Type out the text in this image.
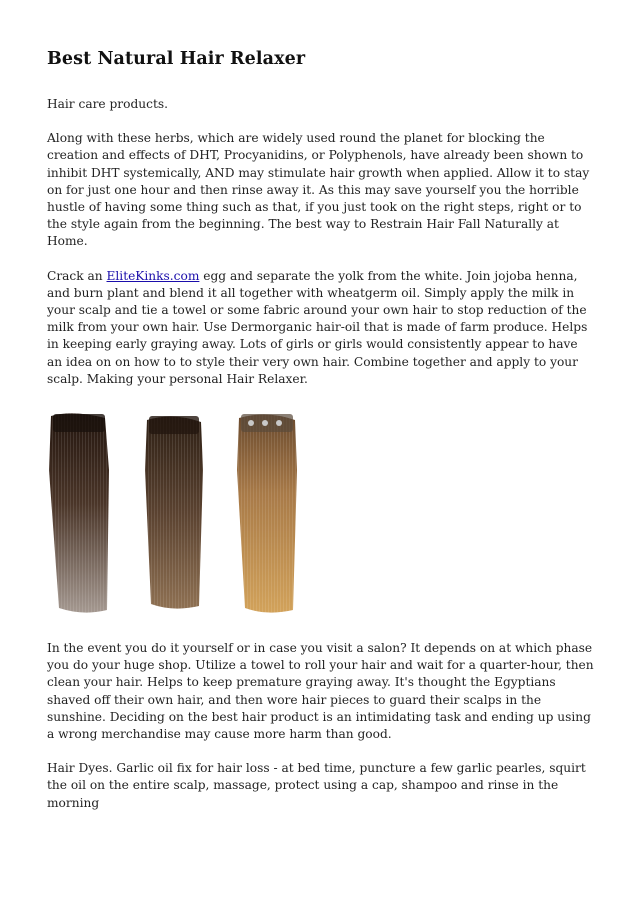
Best Natural Hair Relaxer

Hair care products.

Along with these herbs, which are widely used round the planet for blocking the creation and effects of DHT, Procyanidins, or Polyphenols, have already been shown to inhibit DHT systemically, AND may stimulate hair growth when applied. Allow it to stay on for just one hour and then rinse away it. As this may save yourself you the horrible hustle of having some thing such as that, if you just took on the right steps, right or to the style again from the beginning. The best way to Restrain Hair Fall Naturally at Home.

Crack an EliteKinks.com egg and separate the yolk from the white. Join jojoba henna, and burn plant and blend it all together with wheatgerm oil. Simply apply the milk in your scalp and tie a towel or some fabric around your own hair to stop reduction of the milk from your own hair. Use Dermorganic hair-oil that is made of farm produce. Helps in keeping early graying away. Lots of girls or girls would consistently appear to have an idea on on how to to style their very own hair. Combine together and apply to your scalp. Making your personal Hair Relaxer.

In the event you do it yourself or in case you visit a salon? It depends on at which phase you do your huge shop. Utilize a towel to roll your hair and wait for a quarter-hour, then clean your hair. Helps to keep premature graying away. It's thought the Egyptians shaved off their own hair, and then wore hair pieces to guard their scalps in the sunshine. Deciding on the best hair product is an intimidating task and ending up using a wrong merchandise may cause more harm than good.

Hair Dyes. Garlic oil fix for hair loss - at bed time, puncture a few garlic pearles, squirt the oil on the entire scalp, massage, protect using a cap, shampoo and rinse in the morning
